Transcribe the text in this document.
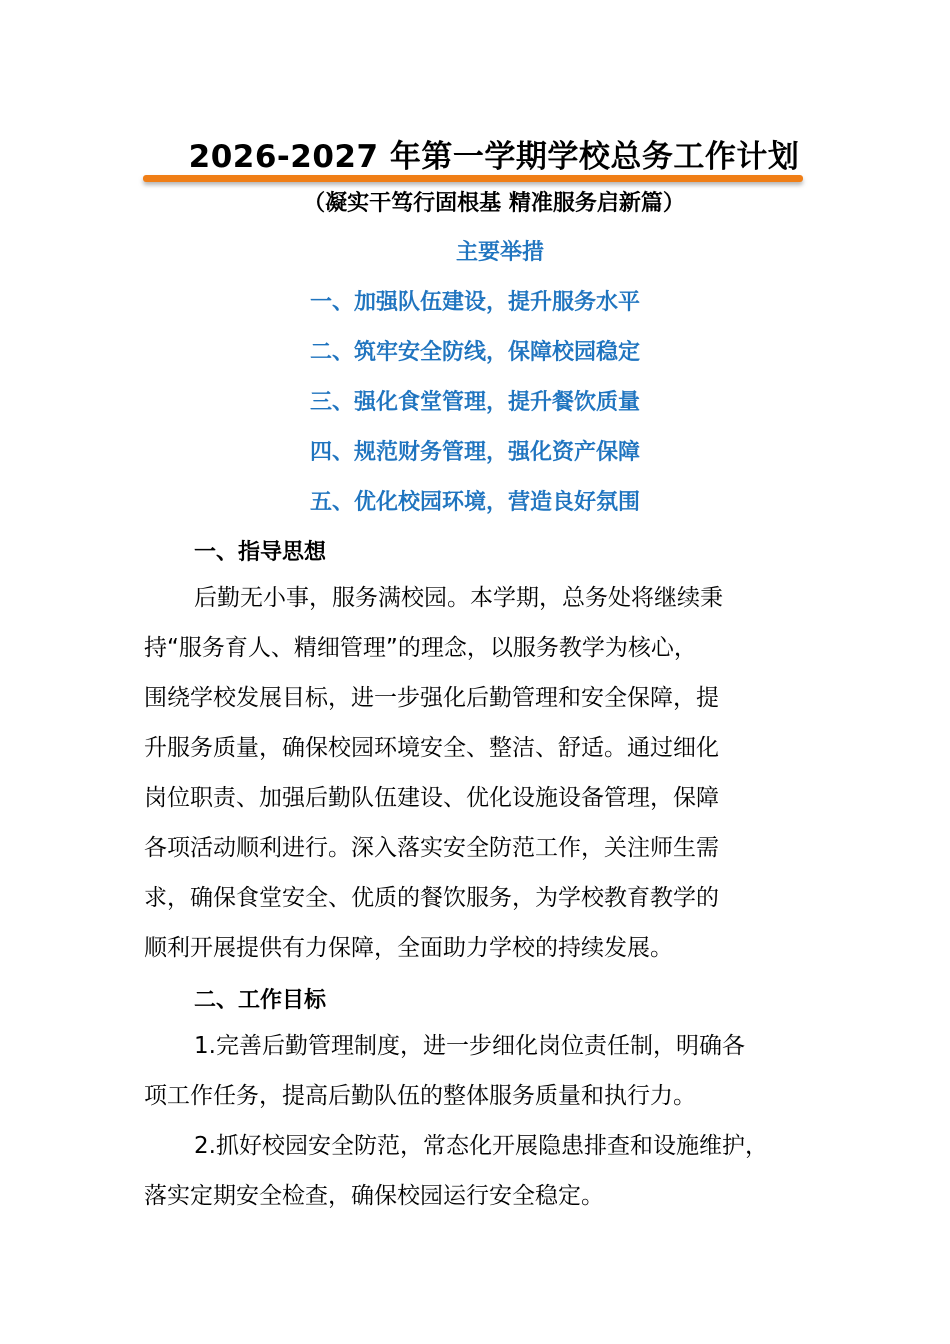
2026-2027 年第一学期学校总务工作计划
（凝实干笃行固根基 精准服务启新篇）
主要举措
一、加强队伍建设，提升服务水平
二、筑牢安全防线，保障校园稳定
三、强化食堂管理，提升餐饮质量
四、规范财务管理，强化资产保障
五、优化校园环境，营造良好氛围
一、指导思想
后勤无小事，服务满校园。本学期，总务处将继续秉
持“服务育人、精细管理”的理念，以服务教学为核心，
围绕学校发展目标，进一步强化后勤管理和安全保障，提
升服务质量，确保校园环境安全、整洁、舒适。通过细化
岗位职责、加强后勤队伍建设、优化设施设备管理，保障
各项活动顺利进行。深入落实安全防范工作，关注师生需
求，确保食堂安全、优质的餐饮服务，为学校教育教学的
顺利开展提供有力保障，全面助力学校的持续发展。
二、工作目标
1.完善后勤管理制度，进一步细化岗位责任制，明确各
项工作任务，提高后勤队伍的整体服务质量和执行力。
2.抓好校园安全防范，常态化开展隐患排查和设施维护，
落实定期安全检查，确保校园运行安全稳定。
